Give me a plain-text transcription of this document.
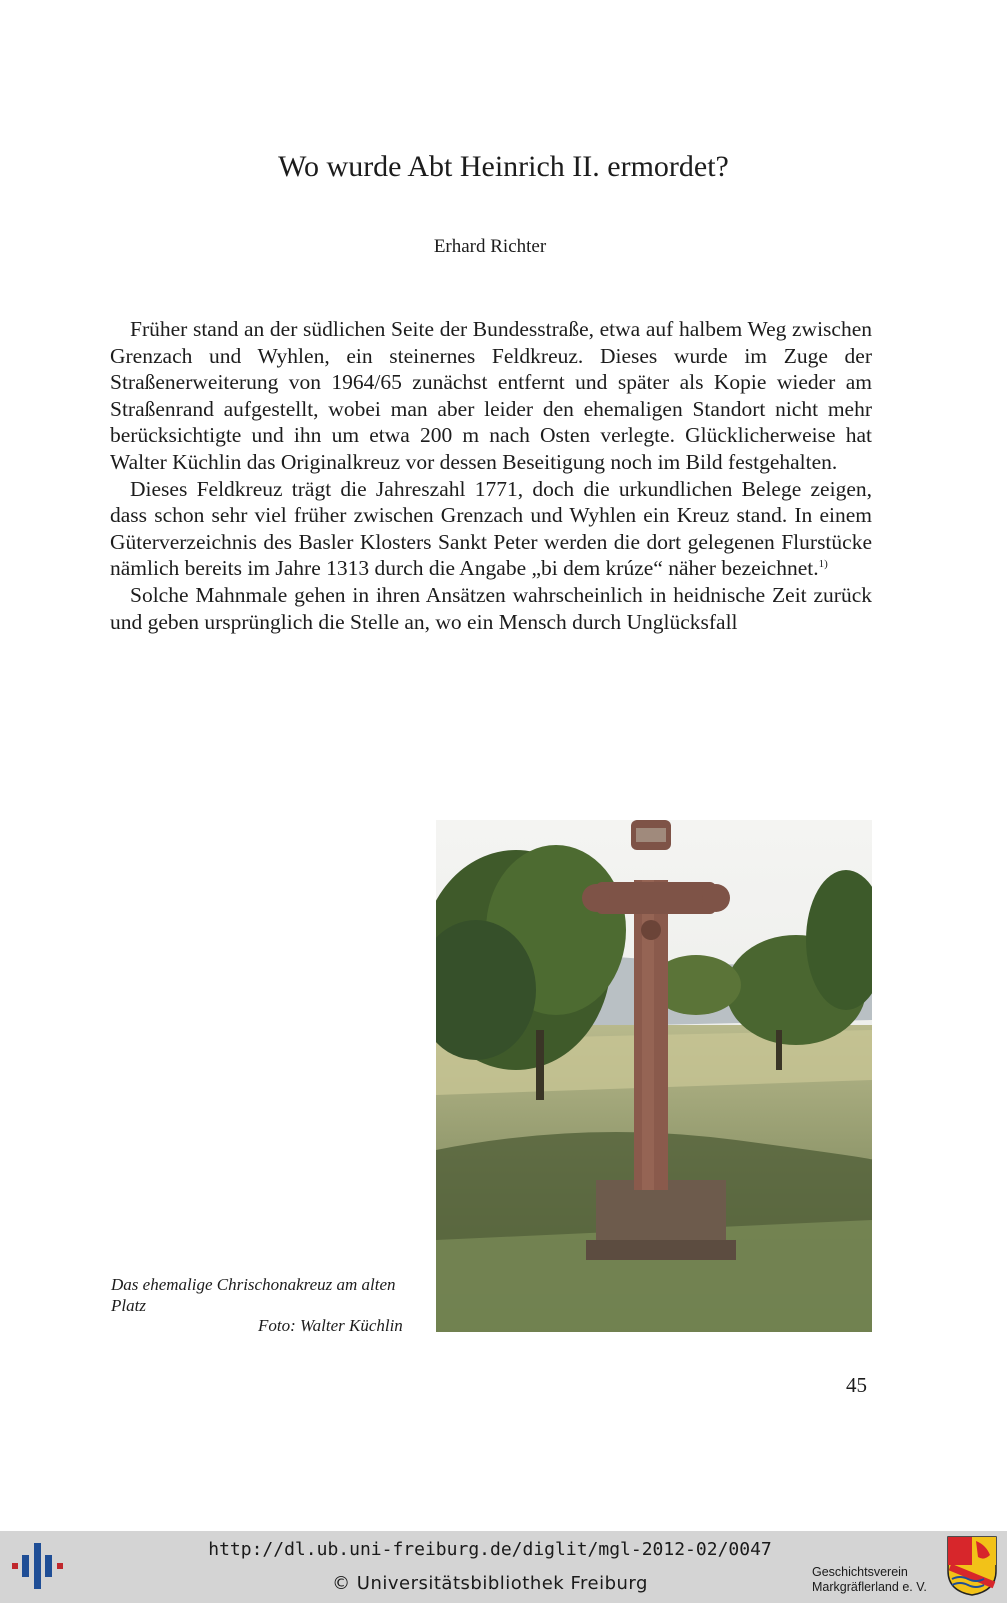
Wo wurde Abt Heinrich II. ermordet?
Erhard Richter

Früher stand an der südlichen Seite der Bundesstraße, etwa auf halbem Weg zwischen Grenzach und Wyhlen, ein steinernes Feldkreuz. Dieses wurde im Zuge der Straßenerweiterung von 1964/65 zunächst entfernt und später als Kopie wieder am Straßenrand aufgestellt, wobei man aber leider den ehemaligen Standort nicht mehr berücksichtigte und ihn um etwa 200 m nach Osten verlegte. Glücklicherweise hat Walter Küchlin das Originalkreuz vor dessen Beseitigung noch im Bild festgehalten.

Dieses Feldkreuz trägt die Jahreszahl 1771, doch die urkundlichen Belege zeigen, dass schon sehr viel früher zwischen Grenzach und Wyhlen ein Kreuz stand. In einem Güterverzeichnis des Basler Klosters Sankt Peter werden die dort gelegenen Flurstücke nämlich bereits im Jahre 1313 durch die Angabe „bi dem krúze“ näher bezeichnet.$^{1)}$

Solche Mahnmale gehen in ihren Ansätzen wahrscheinlich in heidnische Zeit zurück und geben ursprünglich die Stelle an, wo ein Mensch durch Unglücksfall

Das ehemalige Chrischonakreuz am alten Platz
Foto: Walter Küchlin
45
http://dl.ub.uni-freiburg.de/diglit/mgl-2012-02/0047
© Universitätsbibliothek Freiburg
Geschichtsverein
Markgräflerland e. V.
